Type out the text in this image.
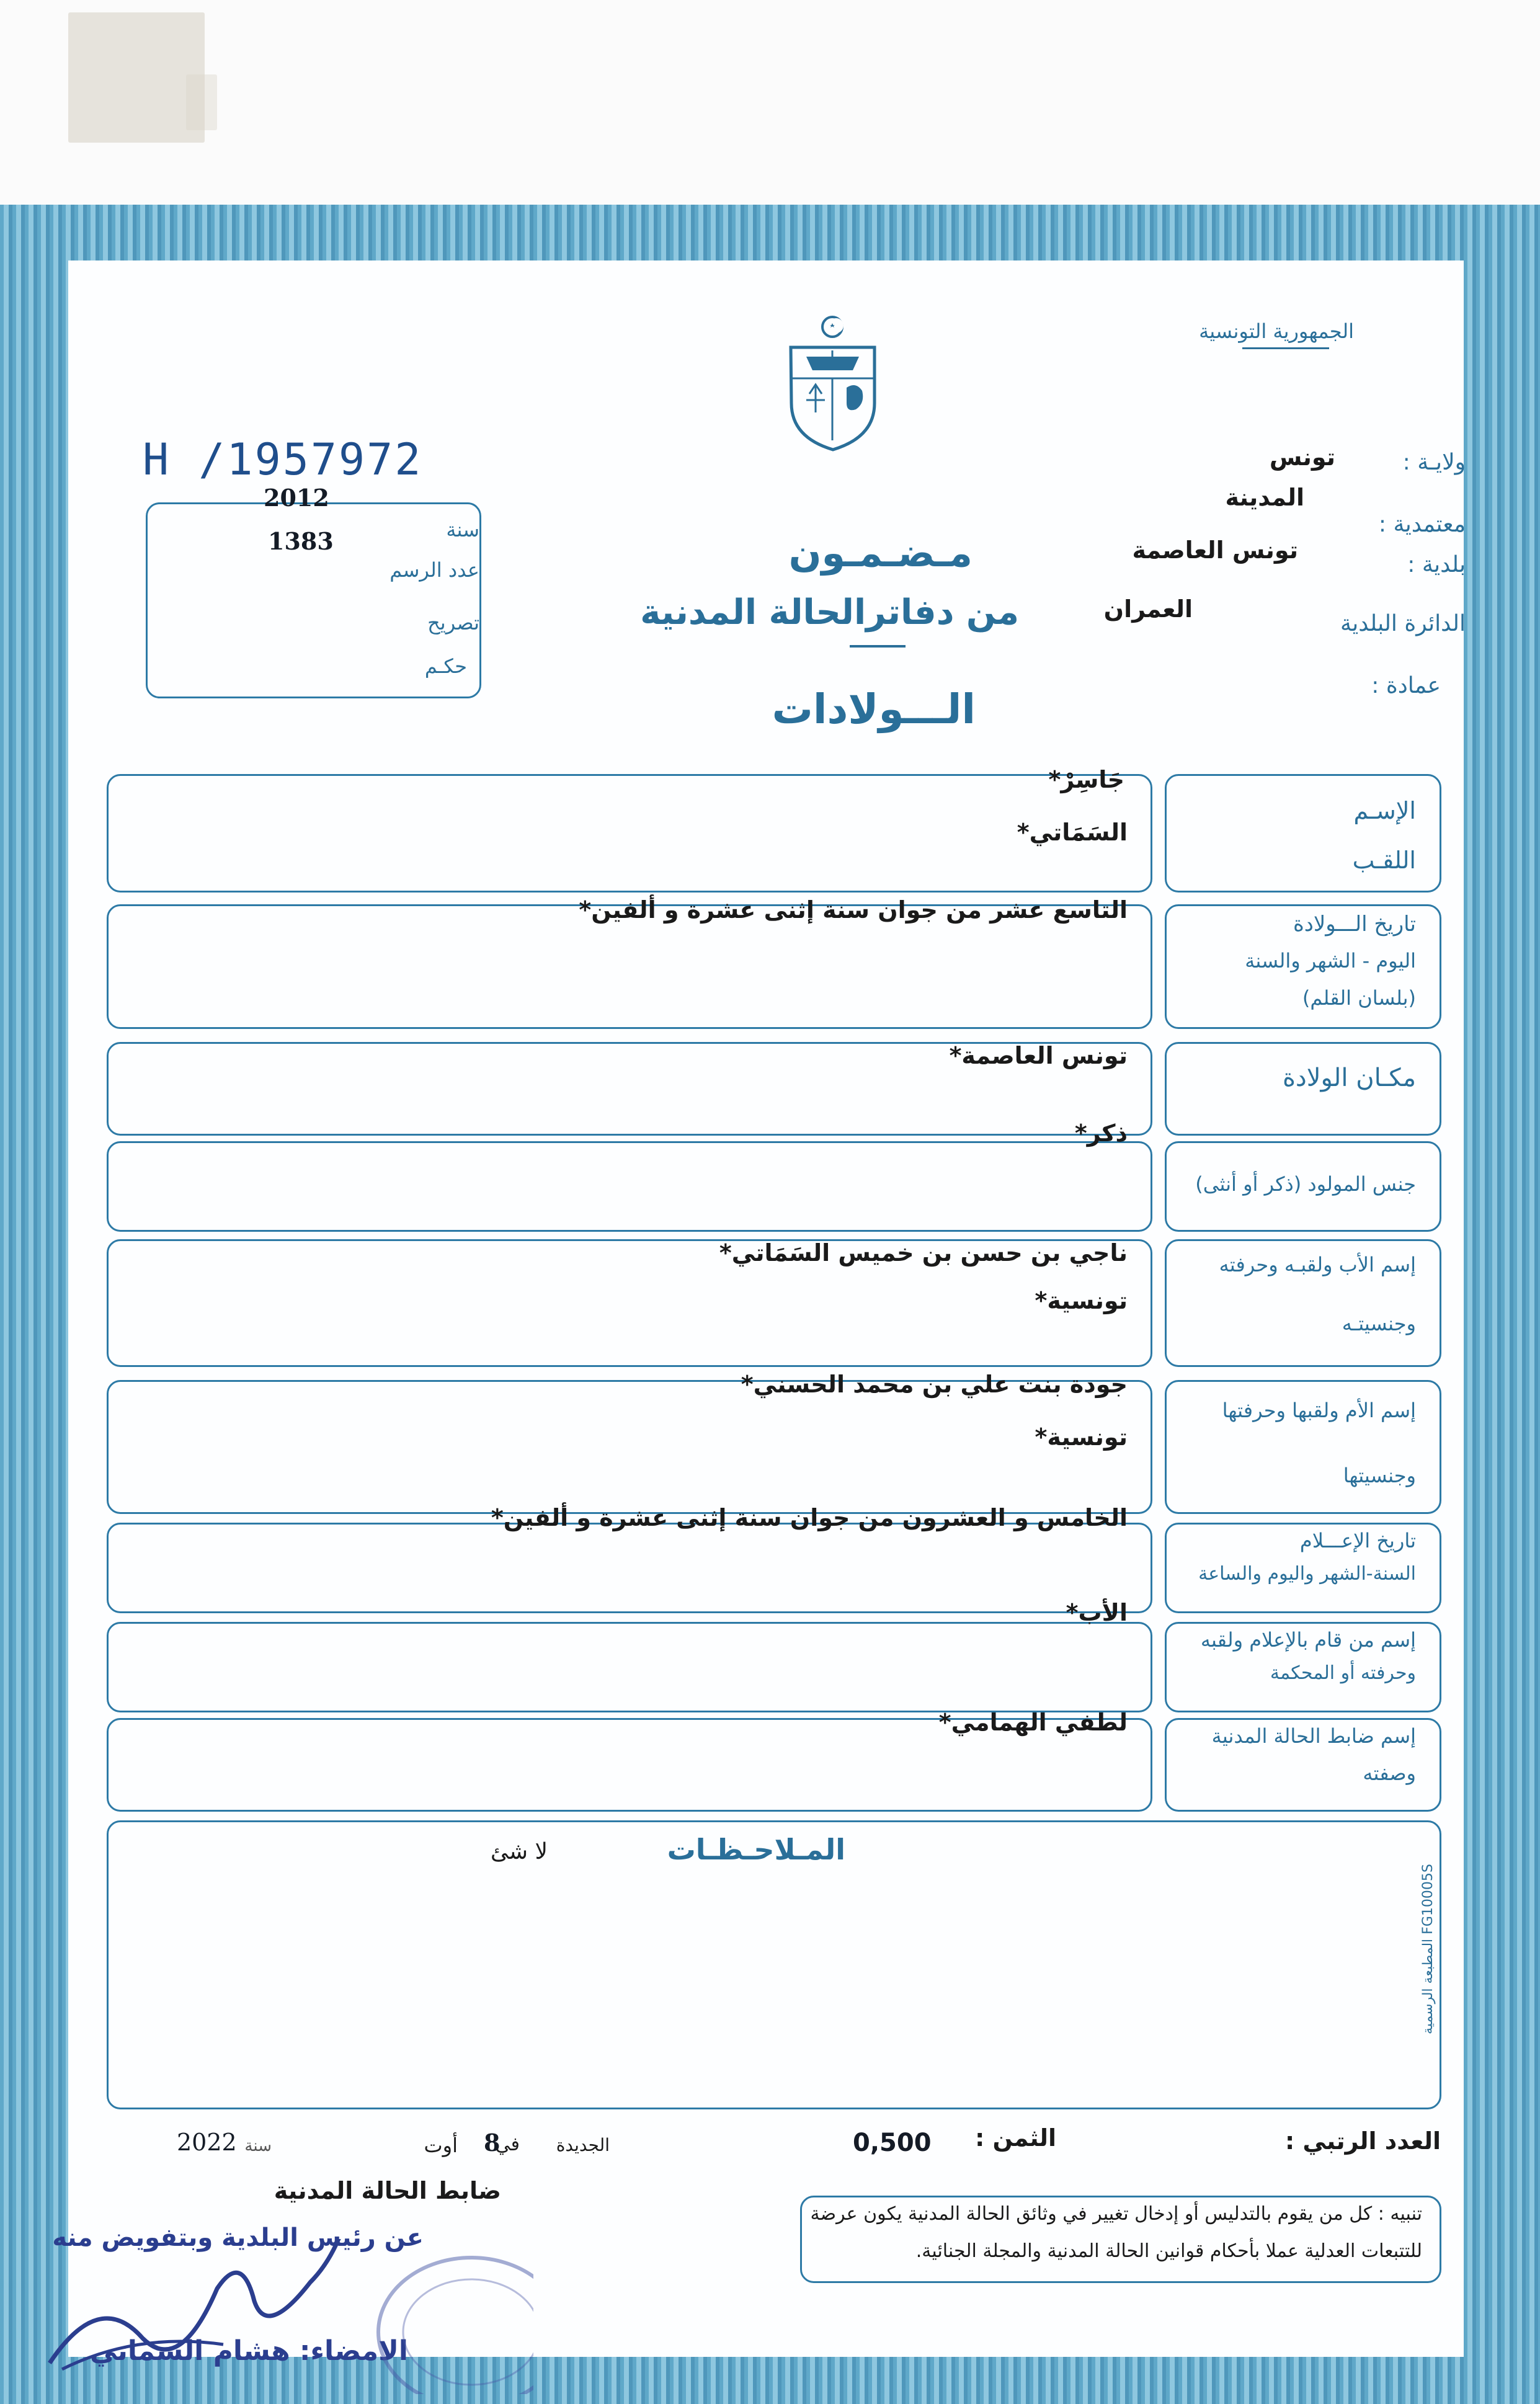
الجمهورية التونسية
ولايـة :
تونس
معتمدية :
المدينة
بلدية :
تونس العاصمة
الدائرة البلدية
العمران
عمادة :
مـضـمـون
من دفاترالحالة المدنية
الـــولادات
H /1957972
2012
1383	سنة
عدد الرسم
تصريح
حكـم
الإسـم
اللقـب
جَاسِرْ*
السَمَاتي*
تاريخ الـــولادة
اليوم - الشهر والسنة
(بلسان القلم)
التاسع عشر من جوان سنة إثنى عشرة و ألفين*
مكـان الولادة
تونس العاصمة*
جنس المولود (ذكر أو أنثى)
ذكر*
إسم الأب ولقبـه وحرفته
وجنسيتـه
ناجي بن حسن بن خميس السَمَاتي*
تونسية*
إسم الأم ولقبها وحرفتها
وجنسيتها
جودة بنت علي بن محمد الحسني*
تونسية*
تاريخ الإعـــلام
السنة-الشهر واليوم والساعة
الخامس و العشرون من جوان سنة إثنى عشرة و ألفين*
إسم من قام بالإعلام ولقبه
وحرفته أو المحكمة
الأب*
إسم ضابط الحالة المدنية
وصفته
لطفي الهمامي*
المـلاحـظـات
لا شئ
المطبعة الرسمية FG10005S
العدد الرتبي :
الثمن :
0,500
الجديدة
في
8
أوت
سنة
2022
ضابط الحالة المدنية
عن رئيس البلدية وبتفويض منه
الامضاء: هشام السماتي
تنبيه : كل من يقوم بالتدليس أو إدخال تغيير في وثائق الحالة المدنية يكون عرضة
للتتبعات العدلية عملا بأحكام قوانين الحالة المدنية والمجلة الجنائية.
